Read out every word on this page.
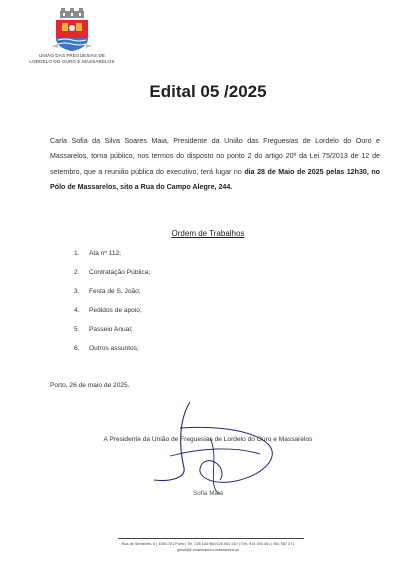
UNIÃO DAS FREGUESIAS DE
LORDELO DO OURO E MASSARELOS
Edital 05 /2025
Carla Sofia da Silva Soares Maia, Presidente da União das Freguesias de Lordelo do Ouro e Massarelos, torna público, nos termos do disposto no ponto 2 do artigo 20º da Lei 75/2013 de 12 de setembro, que a reunião pública do executivo, terá lugar no dia 28 de Maio de 2025 pelas 12h30, no Pólo de Massarelos, sito a Rua do Campo Alegre, 244.
Ordem de Trabalhos
1. Ata nº 112;
2. Contratação Pública;
3. Festa de S. João;
4. Pedidos de apoio;
5. Passeio Anual;
6. Outros assuntos;
Porto, 26 de maio de 2025.
A Presidente da União de Freguesias de Lordelo do Ouro e Massarelos
Sofia Maia
Rua de Serralves, 8 | 4150-701 Porto | Tel. 226 164 960/226 061 210 | Tlm. 914 394 461 | 961 557 471
geral@jf-lordelodouro-massarelos.pt
